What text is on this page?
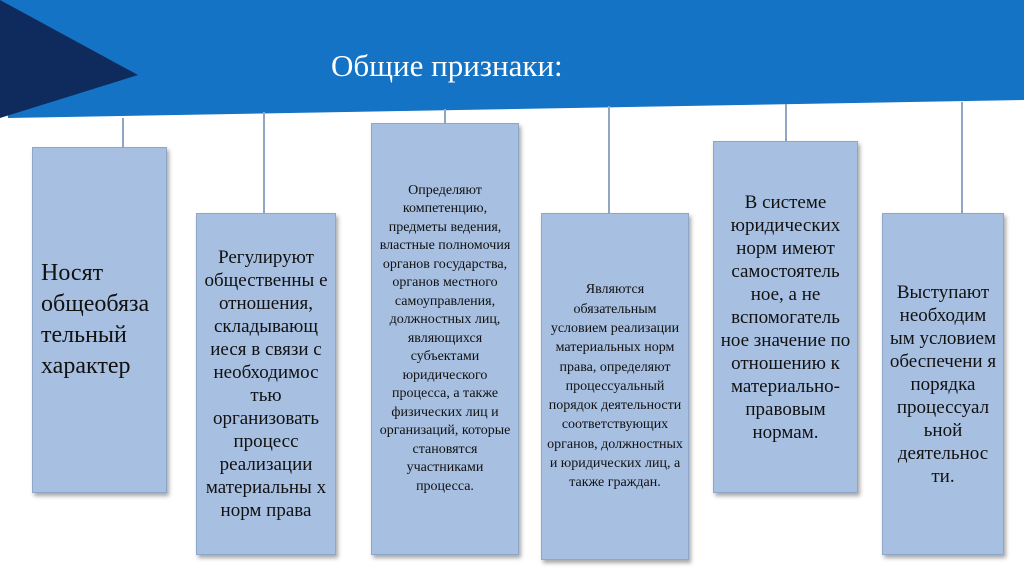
Общие признаки:
Носят общеобяза тельный характер
Регулируют общественны е отношения, складывающ иеся в связи с необходимос тью организовать процесс реализации материальны х норм права
Определяют компетенцию, предметы ведения, властные полномочия органов государства, органов местного самоуправления, должностных лиц, являющихся субъектами юридического процесса, а также физических лиц и организаций, которые становятся участниками процесса.
Являются обязательным условием реализации материальных норм права, определяют процессуальный порядок деятельности соответствующих органов, должностных и юридических лиц, а также граждан.
В системе юридических норм имеют самостоятель ное, а не вспомогатель ное значение по отношению к материально-правовым нормам.
Выступают необходим ым условием обеспечени я порядка процессуал ьной деятельнос ти.
